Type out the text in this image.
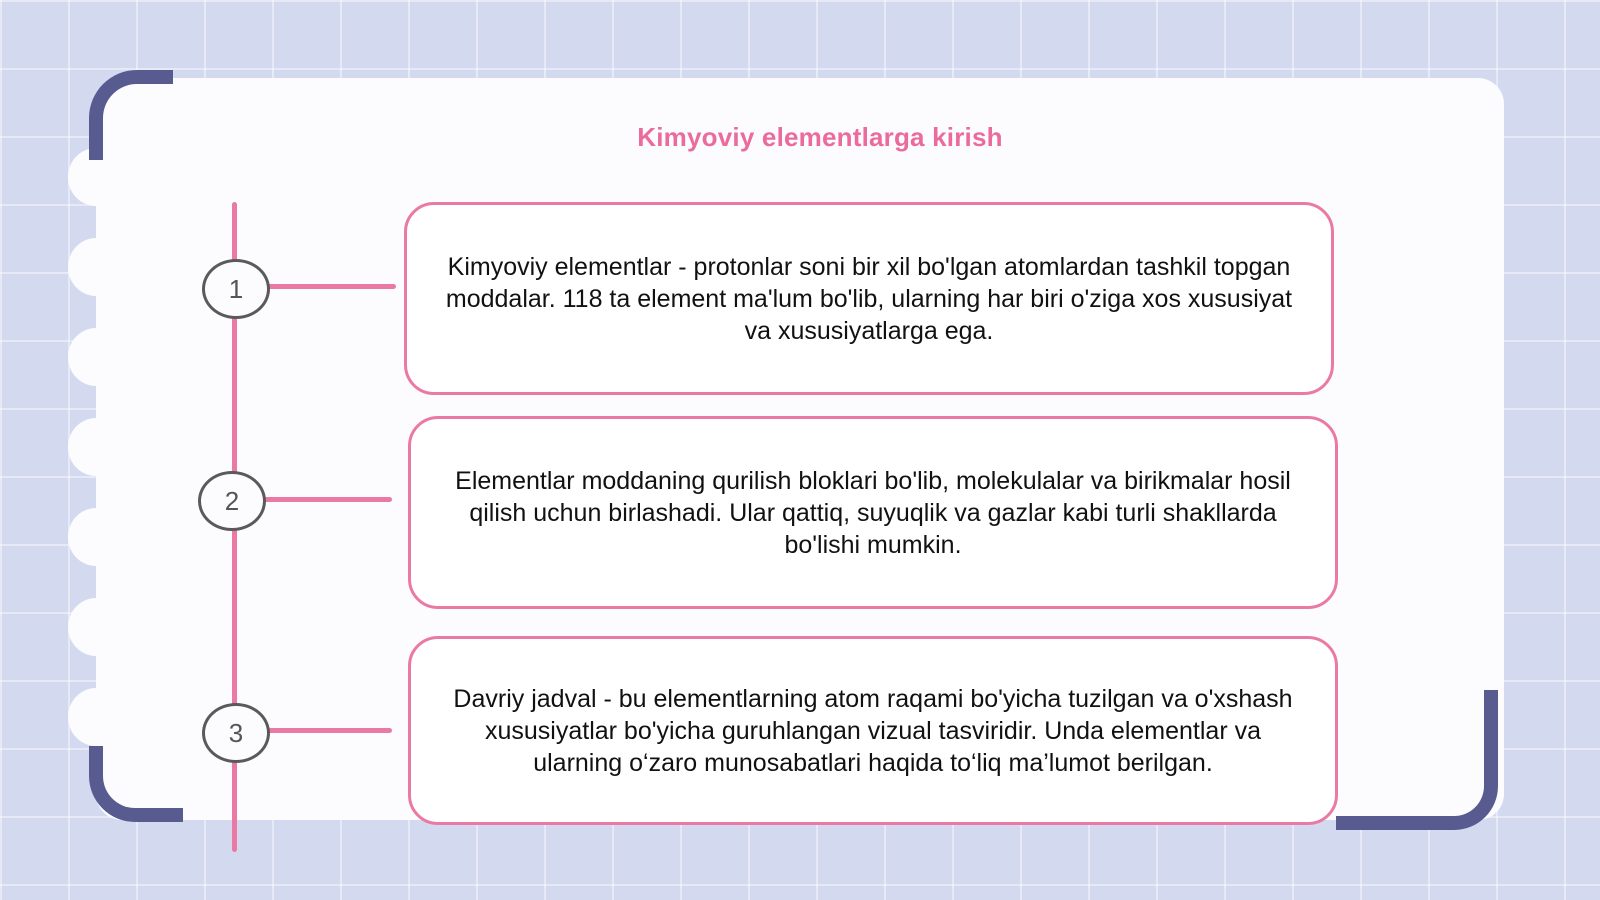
Kimyoviy elementlarga kirish
1
2
3
Kimyoviy elementlar - protonlar soni bir xil bo'lgan atomlardan tashkil topgan moddalar. 118 ta element ma'lum bo'lib, ularning har biri o'ziga xos xususiyat va xususiyatlarga ega.
Elementlar moddaning qurilish bloklari bo'lib, molekulalar va birikmalar hosil qilish uchun birlashadi. Ular qattiq, suyuqlik va gazlar kabi turli shakllarda bo'lishi mumkin.
Davriy jadval - bu elementlarning atom raqami bo'yicha tuzilgan va o'xshash xususiyatlar bo'yicha guruhlangan vizual tasviridir. Unda elementlar va ularning o‘zaro munosabatlari haqida to‘liq ma’lumot berilgan.
